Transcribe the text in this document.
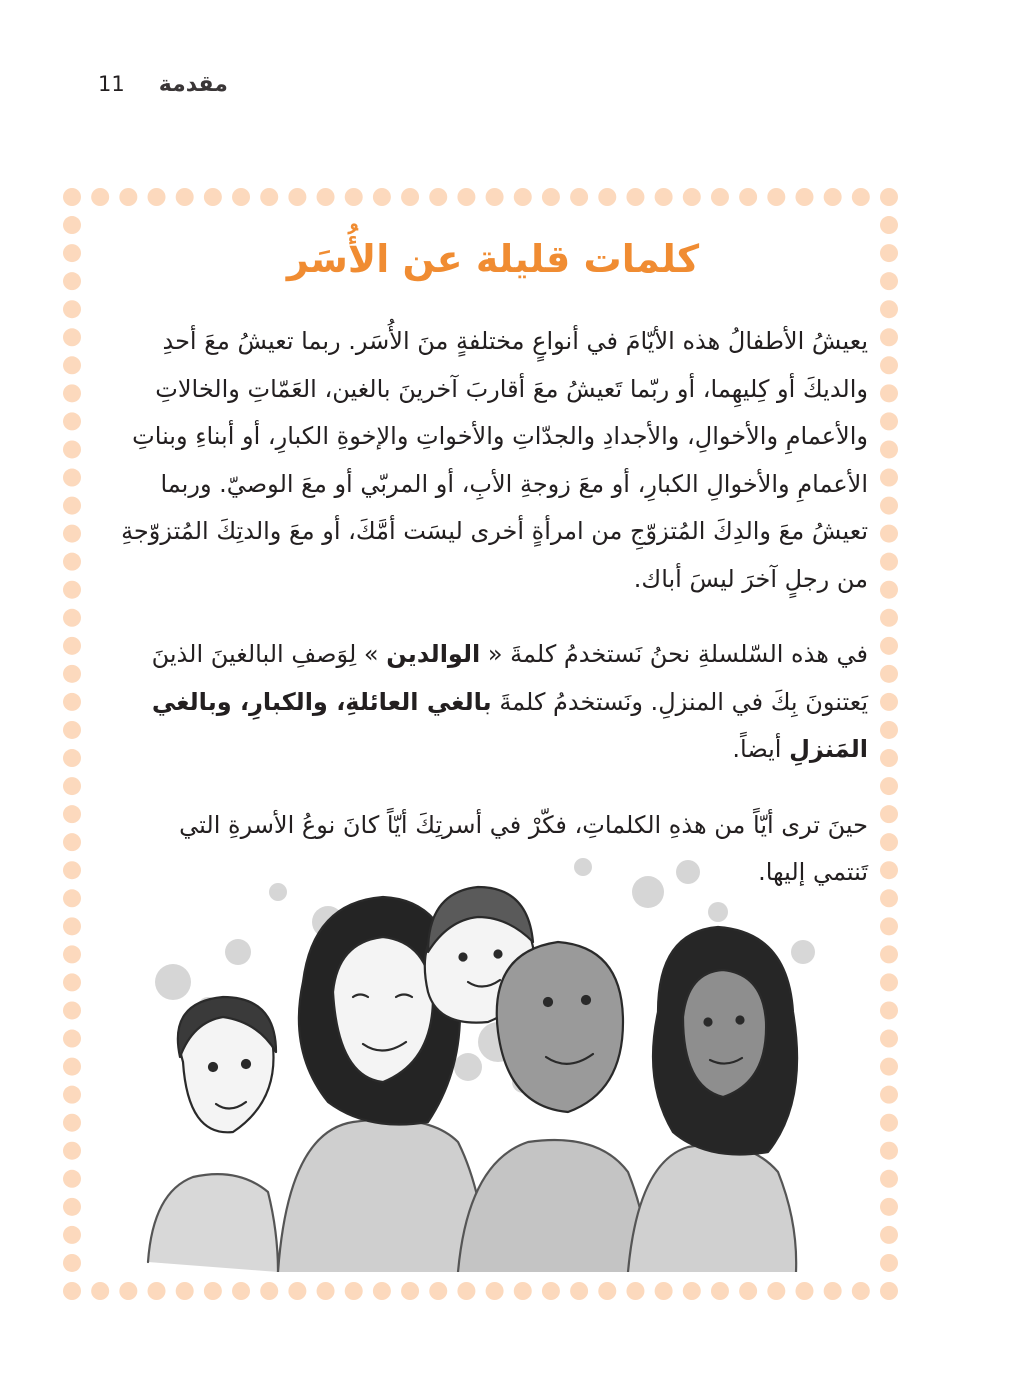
11 مقدمة
كلمات قليلة عن الأُسَر

يعيشُ الأطفالُ هذه الأيّامَ في أنواعٍ مختلفةٍ منَ الأُسَر. ربما تعيشُ معَ أحدِ والديكَ أو كِليهِما، أو ربّما تَعيشُ معَ أقاربَ آخرينَ بالغين، العَمّاتِ والخالاتِ والأعمامِ والأخوالِ، والأجدادِ والجدّاتِ والأخواتِ والإخوةِ الكبارِ، أو أبناءِ وبناتِ الأعمامِ والأخوالِ الكبارِ، أو معَ زوجةِ الأبِ، أو المربّي أو معَ الوصيّ. وربما تعيشُ معَ والدِكَ المُتزوّجِ من امرأةٍ أخرى ليسَت أمَّكَ، أو معَ والدتِكَ المُتزوّجةِ من رجلٍ آخرَ ليسَ أباك.

في هذه السّلسلةِ نحنُ نَستخدمُ كلمةَ « الوالدين » لِوَصفِ البالغينَ الذينَ يَعتنونَ بِكَ في المنزلِ. ونَستخدمُ كلمةَ بالغي العائلةِ، والكبارِ، وبالغي المَنزلِ أيضاً.

حينَ ترى أيّاً من هذهِ الكلماتِ، فكّرْ في أسرتِكَ أيّاً كانَ نوعُ الأسرةِ التي تَنتمي إليها.
